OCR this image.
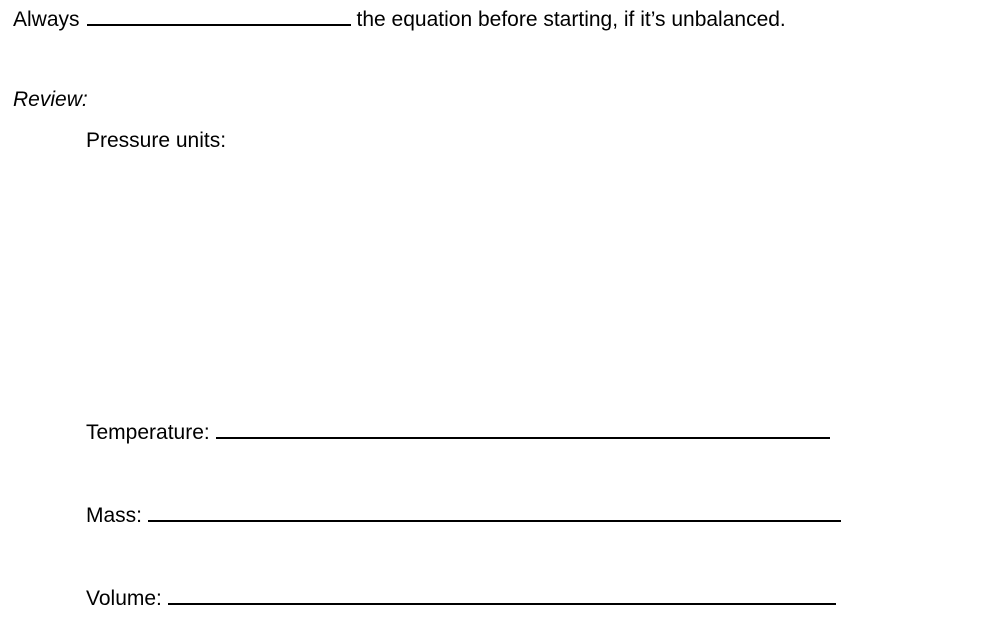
Always	the equation before starting, if it’s unbalanced.
Review:
Pressure units:
Temperature:
Mass:
Volume:
